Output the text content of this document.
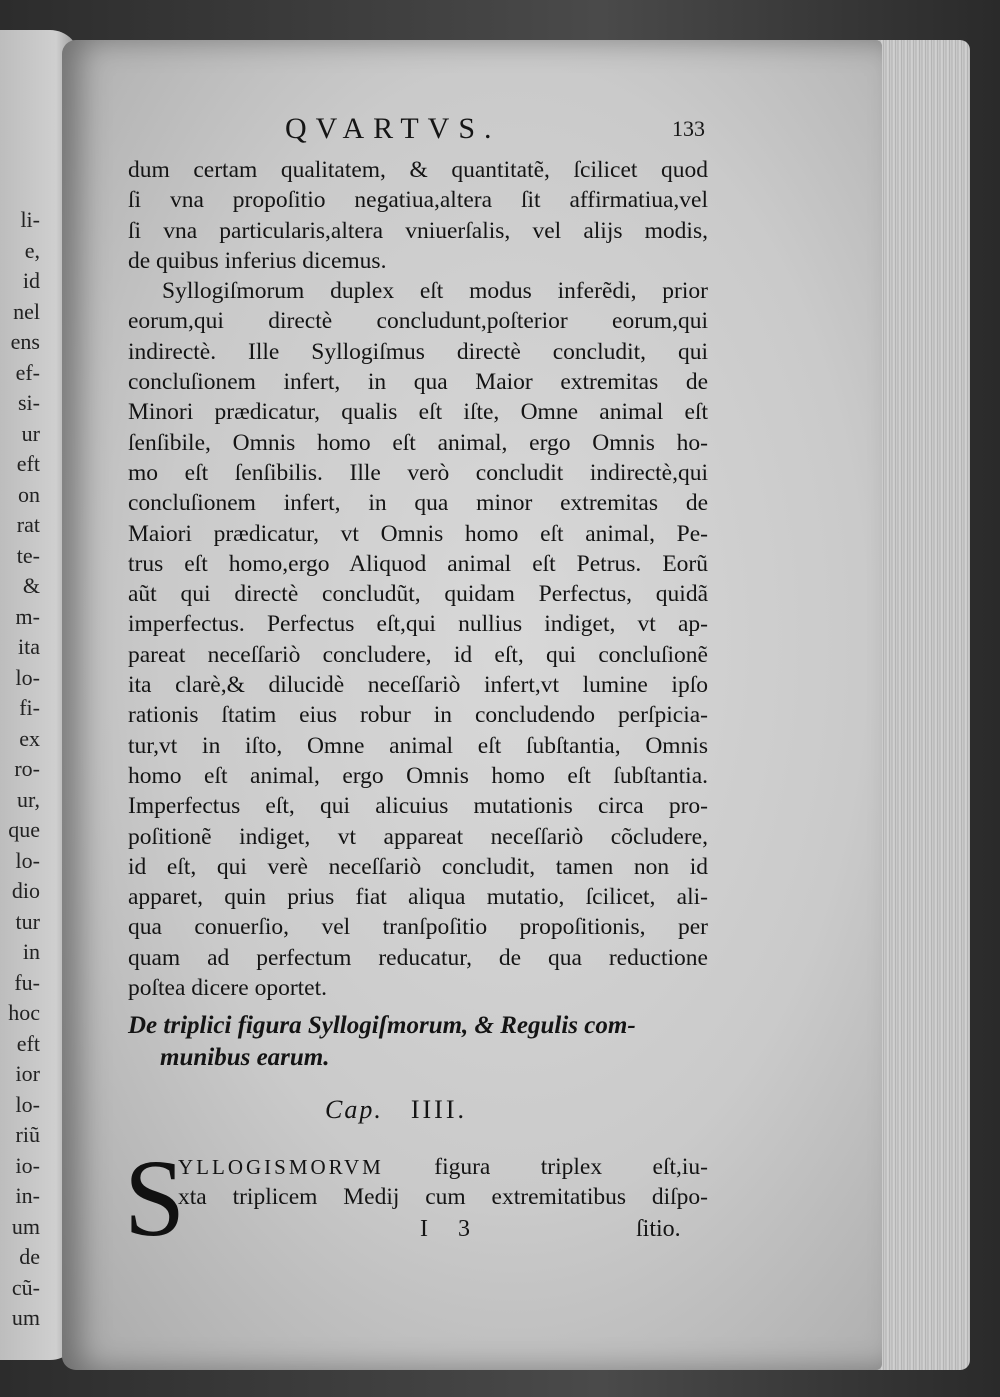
li-
e,
id
nel
ens
ef-
si-
ur
eft
on
rat
te-
&
m-
ita
lo-
fi-
ex
ro-
ur,
que
lo-
dio
tur
in
fu-
hoc
eft
ior
lo-
riũ
io-
in-
um
de
cũ-
um
QVARTVS.	133
dum certam qualitatem, & quantitatẽ, ſcilicet quod
ſi vna propoſitio negatiua,altera ſit affirmatiua,vel
ſi vna particularis,altera vniuerſalis, vel alijs modis,
de quibus inferius dicemus.
Syllogiſmorum duplex eſt modus inferẽdi, prior
eorum,qui directè concludunt,poſterior eorum,qui
indirectè. Ille Syllogiſmus directè concludit, qui
concluſionem infert, in qua Maior extremitas de
Minori prædicatur, qualis eſt iſte, Omne animal eſt
ſenſibile, Omnis homo eſt animal, ergo Omnis ho-
mo eſt ſenſibilis. Ille verò concludit indirectè,qui
concluſionem infert, in qua minor extremitas de
Maiori prædicatur, vt Omnis homo eſt animal, Pe-
trus eſt homo,ergo Aliquod animal eſt Petrus. Eorũ
aũt qui directè concludũt, quidam Perfectus, quidã
imperfectus. Perfectus eſt,qui nullius indiget, vt ap-
pareat neceſſariò concludere, id eſt, qui concluſionẽ
ita clarè,& dilucidè neceſſariò infert,vt lumine ipſo
rationis ſtatim eius robur in concludendo perſpicia-
tur,vt in iſto, Omne animal eſt ſubſtantia, Omnis
homo eſt animal, ergo Omnis homo eſt ſubſtantia.
Imperfectus eſt, qui alicuius mutationis circa pro-
poſitionẽ indiget, vt appareat neceſſariò cõcludere,
id eſt, qui verè neceſſariò concludit, tamen non id
apparet, quin prius fiat aliqua mutatio, ſcilicet, ali-
qua conuerſio, vel tranſpoſitio propoſitionis, per
quam ad perfectum reducatur, de qua reductione
poſtea dicere oportet.
De triplici figura Syllogiſmorum, & Regulis com-
munibus earum.
Cap. IIII.
S
YLLOGISMORVM figura triplex eſt,iu-
xta triplicem Medij cum extremitatibus diſpo-
I 3	ſitio.
